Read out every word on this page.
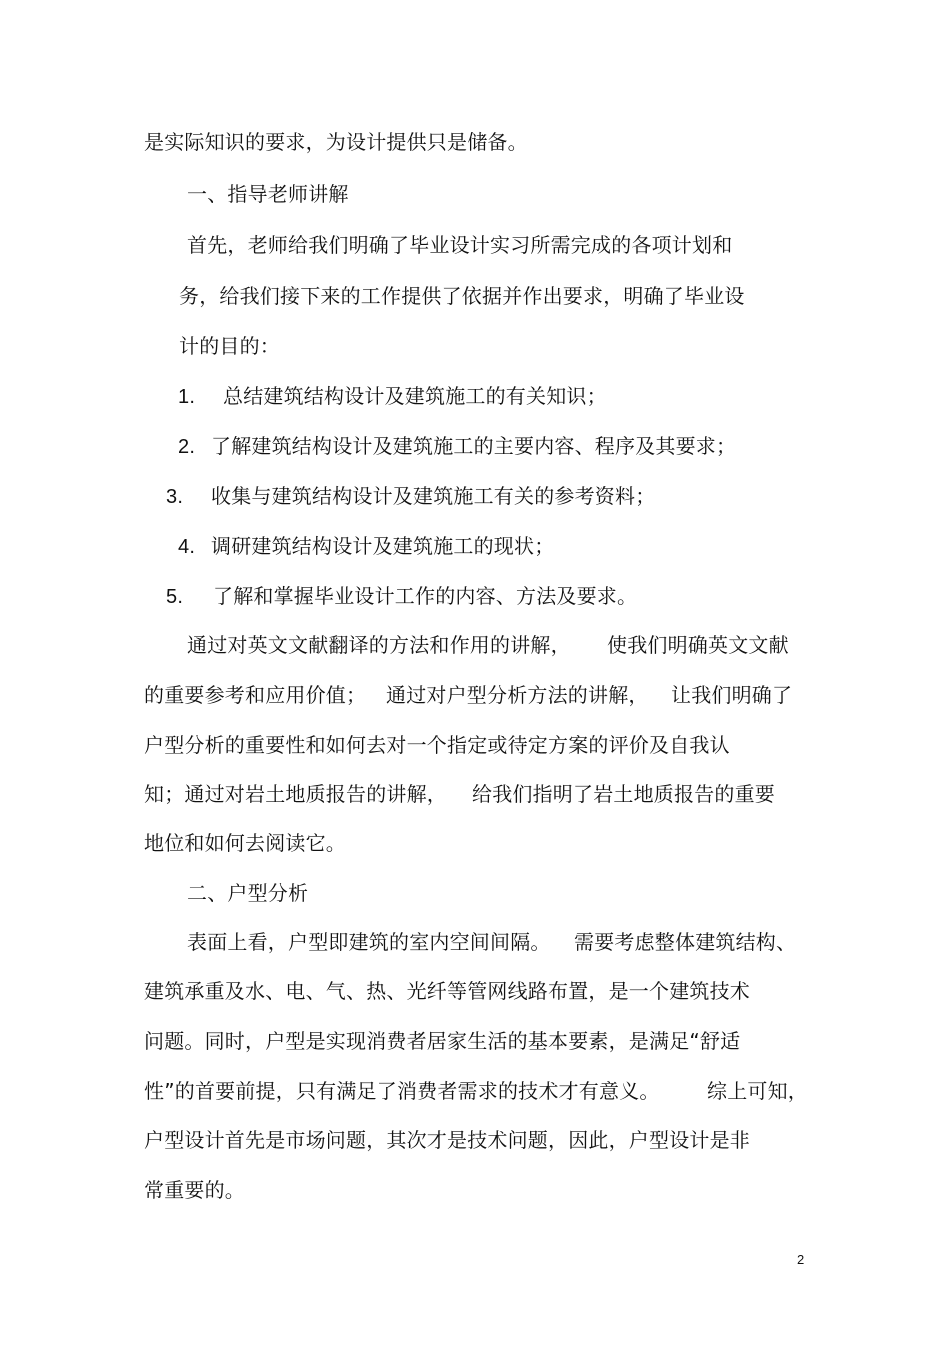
是实际知识的要求，为设计提供只是储备。
一、指导老师讲解
首先，老师给我们明确了毕业设计实习所需完成的各项计划和
务，给我们接下来的工作提供了依据并作出要求，明确了毕业设
计的目的：
1. 总结建筑结构设计及建筑施工的有关知识；
2. 了解建筑结构设计及建筑施工的主要内容、程序及其要求；
3. 收集与建筑结构设计及建筑施工有关的参考资料；
4. 调研建筑结构设计及建筑施工的现状；
5. 了解和掌握毕业设计工作的内容、方法及要求。
通过对英文文献翻译的方法和作用的讲解， 使我们明确英文文献
的重要参考和应用价值； 通过对户型分析方法的讲解， 让我们明确了
户型分析的重要性和如何去对一个指定或待定方案的评价及自我认
知；通过对岩土地质报告的讲解， 给我们指明了岩土地质报告的重要
地位和如何去阅读它。
二、户型分析
表面上看，户型即建筑的室内空间间隔。 需要考虑整体建筑结构、
建筑承重及水、电、气、热、光纤等管网线路布置，是一个建筑技术
问题。同时，户型是实现消费者居家生活的基本要素，是满足“舒适
性”的首要前提，只有满足了消费者需求的技术才有意义。 综上可知，
户型设计首先是市场问题，其次才是技术问题，因此，户型设计是非
常重要的。
2
